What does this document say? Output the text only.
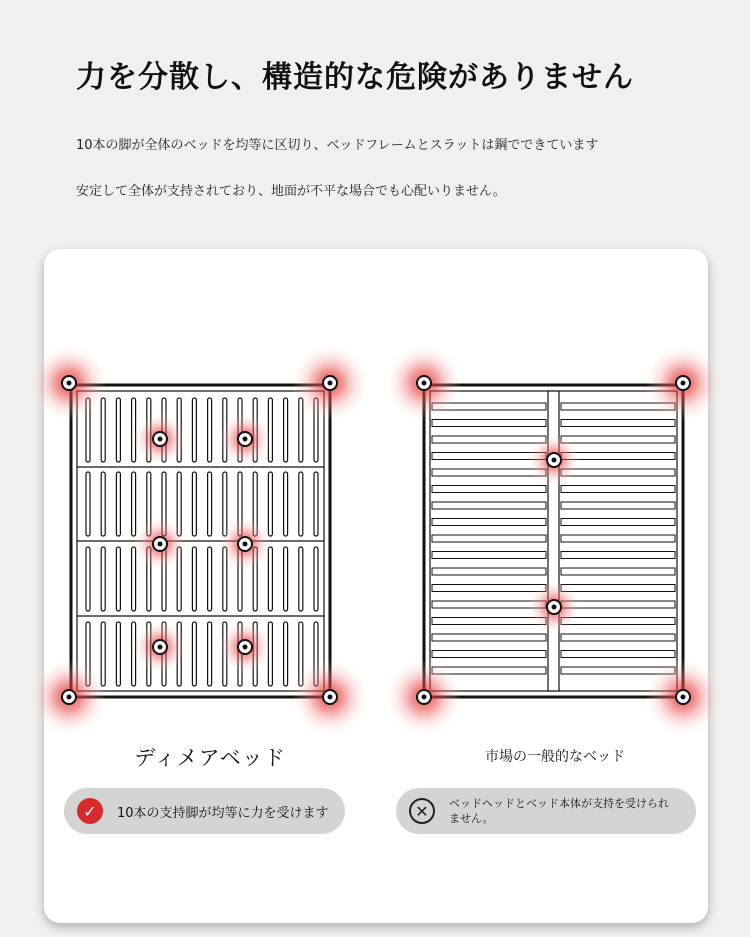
力を分散し、構造的な危険がありません

10本の脚が全体のベッドを均等に区切り、ベッドフレームとスラットは鋼でできています

安定して全体が支持されており、地面が不平な場合でも心配いりません。

ディメアベッド	市場の一般的なベッド

✓	10本の支持脚が均等に力を受けます	✕	ベッドヘッドとベッド本体が支持を受けられません。
